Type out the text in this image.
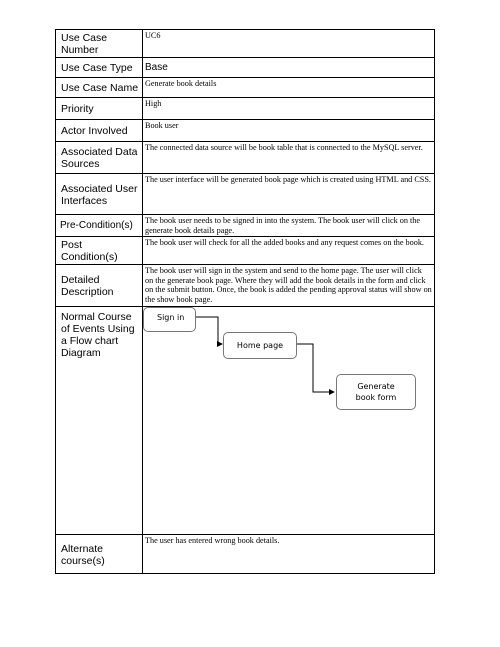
Use Case Number	UC6
Use Case Type	Base
Use Case Name	Generate book details
Priority	High
Actor Involved	Book user
Associated Data Sources	The connected data source will be book table that is connected to the MySQL server.
Associated User Interfaces	The user interface will be generated book page which is created using HTML and CSS.
Pre-Condition(s)	The book user needs to be signed in into the system. The book user will click on the generate book details page.
Post Condition(s)	The book user will check for all the added books and any request comes on the book.
Detailed Description	The book user will sign in the system and send to the home page. The user will click on the generate book page. Where they will add the book details in the form and click on the submit button. Once, the book is added the pending approval status will show on the show book page.
Normal Course of Events Using a Flow chart Diagram	Sign in
Home page
Generate book form

Alternate course(s)	The user has entered wrong book details.
